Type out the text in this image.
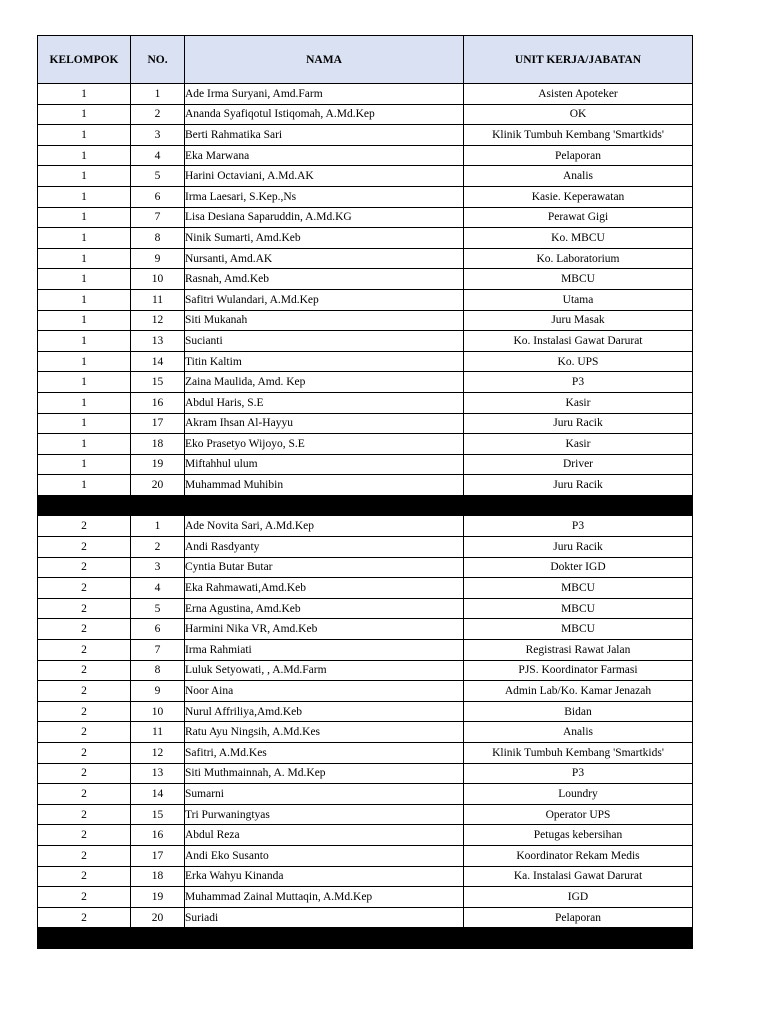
KELOMPOK	NO.	NAMA	UNIT KERJA/JABATAN
1	1	Ade Irma Suryani, Amd.Farm	Asisten Apoteker
1	2	Ananda Syafiqotul Istiqomah, A.Md.Kep	OK
1	3	Berti Rahmatika Sari	Klinik Tumbuh Kembang 'Smartkids'
1	4	Eka Marwana	Pelaporan
1	5	Harini Octaviani, A.Md.AK	Analis
1	6	Irma Laesari, S.Kep.,Ns	Kasie. Keperawatan
1	7	Lisa Desiana Saparuddin, A.Md.KG	Perawat Gigi
1	8	Ninik Sumarti, Amd.Keb	Ko. MBCU
1	9	Nursanti, Amd.AK	Ko. Laboratorium
1	10	Rasnah, Amd.Keb	MBCU
1	11	Safitri Wulandari, A.Md.Kep	Utama
1	12	Siti Mukanah	Juru Masak
1	13	Sucianti	Ko. Instalasi Gawat Darurat
1	14	Titin Kaltim	Ko. UPS
1	15	Zaina Maulida, Amd. Kep	P3
1	16	Abdul Haris, S.E	Kasir
1	17	Akram Ihsan Al-Hayyu	Juru Racik
1	18	Eko Prasetyo Wijoyo, S.E	Kasir
1	19	Miftahhul ulum	Driver
1	20	Muhammad Muhibin	Juru Racik

2	1	Ade Novita Sari, A.Md.Kep	P3
2	2	Andi Rasdyanty	Juru Racik
2	3	Cyntia Butar Butar	Dokter IGD
2	4	Eka Rahmawati,Amd.Keb	MBCU
2	5	Erna Agustina, Amd.Keb	MBCU
2	6	Harmini Nika VR, Amd.Keb	MBCU
2	7	Irma Rahmiati	Registrasi Rawat Jalan
2	8	Luluk Setyowati, , A.Md.Farm	PJS. Koordinator Farmasi
2	9	Noor Aina	Admin Lab/Ko. Kamar Jenazah
2	10	Nurul Affriliya,Amd.Keb	Bidan
2	11	Ratu Ayu Ningsih, A.Md.Kes	Analis
2	12	Safitri, A.Md.Kes	Klinik Tumbuh Kembang 'Smartkids'
2	13	Siti Muthmainnah, A. Md.Kep	P3
2	14	Sumarni	Loundry
2	15	Tri Purwaningtyas	Operator UPS
2	16	Abdul Reza	Petugas kebersihan
2	17	Andi Eko Susanto	Koordinator Rekam Medis
2	18	Erka Wahyu Kinanda	Ka. Instalasi Gawat Darurat
2	19	Muhammad Zainal Muttaqin, A.Md.Kep	IGD
2	20	Suriadi	Pelaporan
